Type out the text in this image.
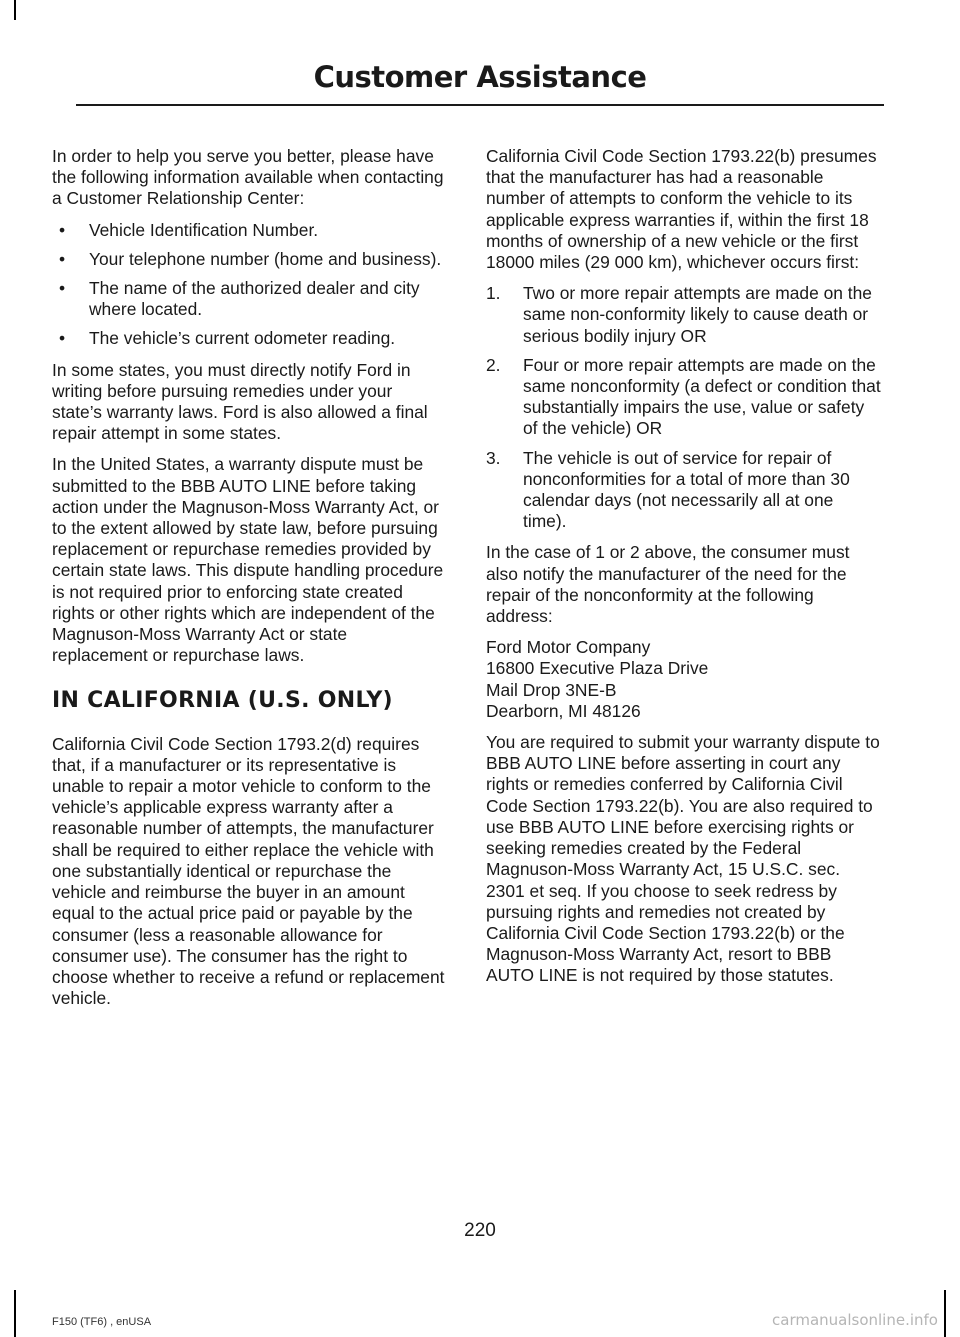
Customer Assistance

In order to help you serve you better, please have the following information available when contacting a Customer Relationship Center:

• Vehicle Identification Number.
• Your telephone number (home and business).
• The name of the authorized dealer and city where located.
• The vehicle’s current odometer reading.

In some states, you must directly notify Ford in writing before pursuing remedies under your state’s warranty laws. Ford is also allowed a final repair attempt in some states.

In the United States, a warranty dispute must be submitted to the BBB AUTO LINE before taking action under the Magnuson-Moss Warranty Act, or to the extent allowed by state law, before pursuing replacement or repurchase remedies provided by certain state laws. This dispute handling procedure is not required prior to enforcing state created rights or other rights which are independent of the Magnuson-Moss Warranty Act or state replacement or repurchase laws.

IN CALIFORNIA (U.S. ONLY)

California Civil Code Section 1793.2(d) requires that, if a manufacturer or its representative is unable to repair a motor vehicle to conform to the vehicle’s applicable express warranty after a reasonable number of attempts, the manufacturer shall be required to either replace the vehicle with one substantially identical or repurchase the vehicle and reimburse the buyer in an amount equal to the actual price paid or payable by the consumer (less a reasonable allowance for consumer use). The consumer has the right to choose whether to receive a refund or replacement vehicle.

California Civil Code Section 1793.22(b) presumes that the manufacturer has had a reasonable number of attempts to conform the vehicle to its applicable express warranties if, within the first 18 months of ownership of a new vehicle or the first 18000 miles (29 000 km), whichever occurs first:

1. Two or more repair attempts are made on the same non-conformity likely to cause death or serious bodily injury OR
2. Four or more repair attempts are made on the same nonconformity (a defect or condition that substantially impairs the use, value or safety of the vehicle) OR
3. The vehicle is out of service for repair of nonconformities for a total of more than 30 calendar days (not necessarily all at one time).

In the case of 1 or 2 above, the consumer must also notify the manufacturer of the need for the repair of the nonconformity at the following address:

Ford Motor Company

16800 Executive Plaza Drive

Mail Drop 3NE-B

Dearborn, MI 48126

You are required to submit your warranty dispute to BBB AUTO LINE before asserting in court any rights or remedies conferred by California Civil Code Section 1793.22(b). You are also required to use BBB AUTO LINE before exercising rights or seeking remedies created by the Federal Magnuson-Moss Warranty Act, 15 U.S.C. sec. 2301 et seq. If you choose to seek redress by pursuing rights and remedies not created by California Civil Code Section 1793.22(b) or the Magnuson-Moss Warranty Act, resort to BBB AUTO LINE is not required by those statutes.

220
F150 (TF6) , enUSA	carmanualsonline.info
